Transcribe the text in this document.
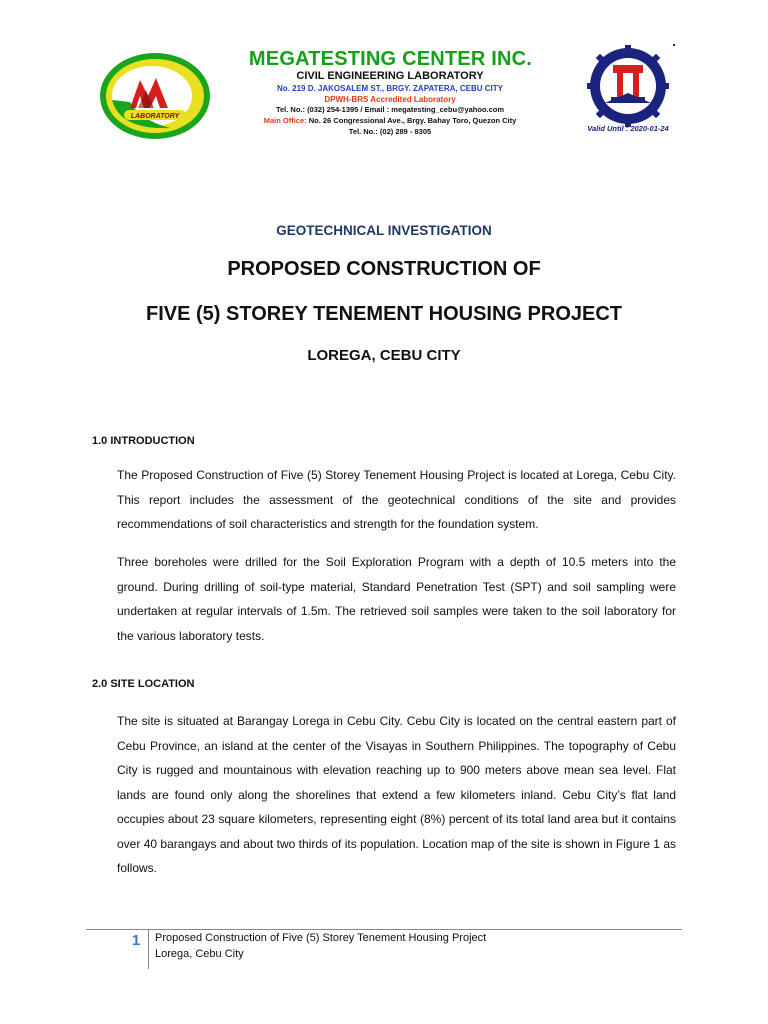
LABORATORY
MEGATESTING CENTER INC.
CIVIL ENGINEERING LABORATORY
No. 219 D. JAKOSALEM ST., BRGY. ZAPATERA, CEBU CITY
DPWH-BRS Accredited Laboratory
Tel. No.: (032) 254-1395 / Email : megatesting_cebu@yahoo.com
Main Office: No. 26 Congressional Ave., Brgy. Bahay Toro, Quezon City
Tel. No.: (02) 289 - 8305	Valid Until : 2020-01-24
GEOTECHNICAL INVESTIGATION
PROPOSED CONSTRUCTION OF
FIVE (5) STOREY TENEMENT HOUSING PROJECT
LOREGA, CEBU CITY
1.0 INTRODUCTION
The Proposed Construction of Five (5) Storey Tenement Housing Project is located at Lorega, Cebu City. This report includes the assessment of the geotechnical conditions of the site and provides recommendations of soil characteristics and strength for the foundation system.
Three boreholes were drilled for the Soil Exploration Program with a depth of 10.5 meters into the ground. During drilling of soil-type material, Standard Penetration Test (SPT) and soil sampling were undertaken at regular intervals of 1.5m. The retrieved soil samples were taken to the soil laboratory for the various laboratory tests.
2.0 SITE LOCATION
The site is situated at Barangay Lorega in Cebu City. Cebu City is located on the central eastern part of Cebu Province, an island at the center of the Visayas in Southern Philippines. The topography of Cebu City is rugged and mountainous with elevation reaching up to 900 meters above mean sea level. Flat lands are found only along the shorelines that extend a few kilometers inland. Cebu City’s flat land occupies about 23 square kilometers, representing eight (8%) percent of its total land area but it contains over 40 barangays and about two thirds of its population. Location map of the site is shown in Figure 1 as follows.
1	Proposed Construction of Five (5) Storey Tenement Housing Project
Lorega, Cebu City
